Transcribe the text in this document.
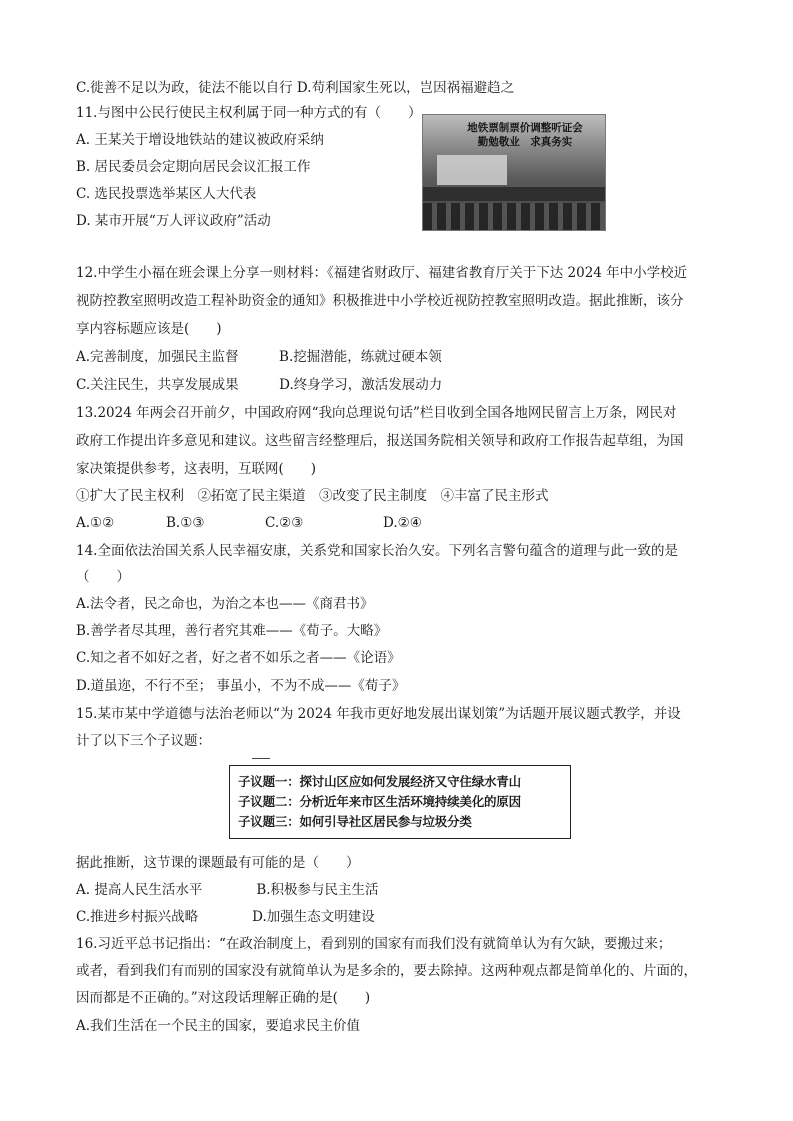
C.徙善不足以为政，徒法不能以自行 D.苟利国家生死以，岂因祸福避趋之
11.与图中公民行使民主权利属于同一种方式的有（　　）
A. 王某关于增设地铁站的建议被政府采纳
B. 居民委员会定期向居民会议汇报工作
C. 选民投票选举某区人大代表
D. 某市开展“万人评议政府”活动
地铁票制票价调整听证会
勤勉敬业　求真务实
12.中学生小福在班会课上分享一则材料：《福建省财政厅、福建省教育厅关于下达 2024 年中小学校近
视防控教室照明改造工程补助资金的通知》积极推进中小学校近视防控教室照明改造。据此推断，该分
享内容标题应该是(　　)
A.完善制度，加强民主监督　　　B.挖掘潜能，练就过硬本领
C.关注民生，共享发展成果　　　D.终身学习，激活发展动力
13.2024 年两会召开前夕，中国政府网“我向总理说句话”栏目收到全国各地网民留言上万条，网民对
政府工作提出许多意见和建议。这些留言经整理后，报送国务院相关领导和政府工作报告起草组，为国
家决策提供参考，这表明，互联网(　　)
①扩大了民主权利　②拓宽了民主渠道　③改变了民主制度　④丰富了民主形式
A.①②	B.①③	C.②③	D.②④
14.全面依法治国关系人民幸福安康，关系党和国家长治久安。下列名言警句蕴含的道理与此一致的是
（　　）
A.法令者，民之命也，为治之本也——《商君书》
B.善学者尽其理，善行者究其难——《荀子。大略》
C.知之者不如好之者，好之者不如乐之者——《论语》
D.道虽迩，不行不至； 事虽小，不为不成——《荀子》
15.某市某中学道德与法治老师以“为 2024 年我市更好地发展出谋划策”为话题开展议题式教学，并设
计了以下三个子议题：
子议题一：探讨山区应如何发展经济又守住绿水青山
子议题二：分析近年来市区生活环境持续美化的原因
子议题三：如何引导社区居民参与垃圾分类
据此推断，这节课的课题最有可能的是（　　）
A. 提高人民生活水平　　　　B.积极参与民主生活
C.推进乡村振兴战略　　　　D.加强生态文明建设
16.习近平总书记指出：“在政治制度上，看到别的国家有而我们没有就简单认为有欠缺，要搬过来；
或者，看到我们有而别的国家没有就简单认为是多余的，要去除掉。这两种观点都是简单化的、片面的，
因而都是不正确的。”对这段话理解正确的是(　　)
A.我们生活在一个民主的国家，要追求民主价值
